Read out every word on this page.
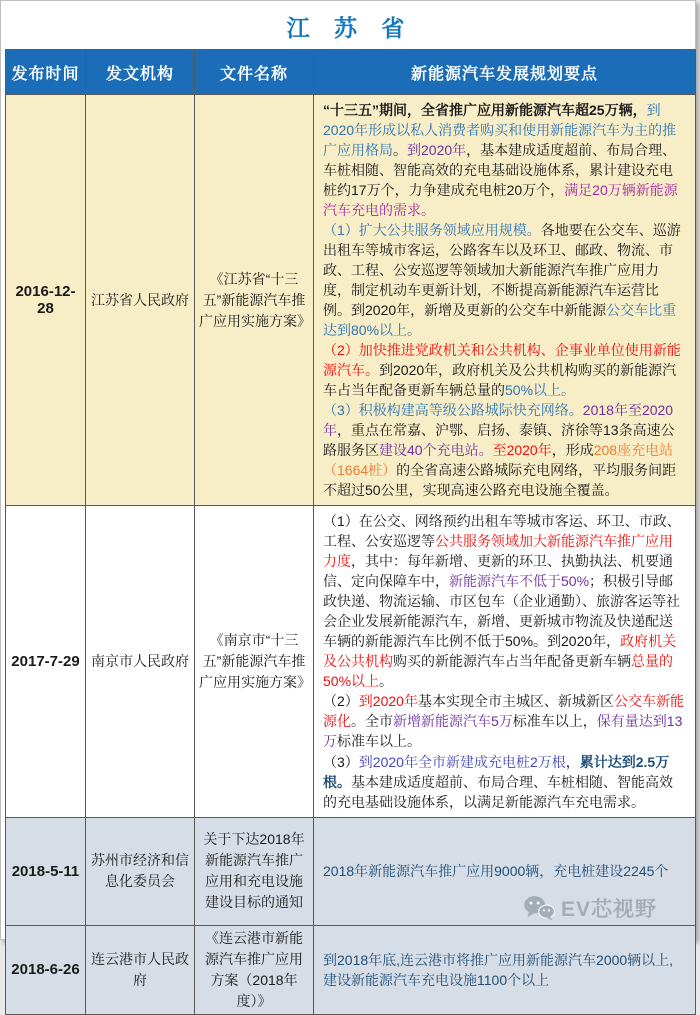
江 苏 省
发布时间	发文机构	文件名称	新能源汽车发展规划要点
2016-12-28	江苏省人民政府	《江苏省“十三五”新能源汽车推广应用实施方案》	“十三五”期间，全省推广应用新能源汽车超25万辆，到2020年形成以私人消费者购买和使用新能源汽车为主的推广应用格局。到2020年，基本建成适度超前、布局合理、车桩相随、智能高效的充电基础设施体系，累计建设充电桩约17万个，力争建成充电桩20万个，满足20万辆新能源汽车充电的需求。

（1）扩大公共服务领域应用规模。各地要在公交车、巡游出租车等城市客运，公路客车以及环卫、邮政、物流、市政、工程、公安巡逻等领域加大新能源汽车推广应用力度，制定机动车更新计划，不断提高新能源汽车运营比例。到2020年，新增及更新的公交车中新能源公交车比重达到80%以上。

（2）加快推进党政机关和公共机构、企事业单位使用新能源汽车。到2020年，政府机关及公共机构购买的新能源汽车占当年配备更新车辆总量的50%以上。

（3）积极构建高等级公路城际快充网络。2018年至2020年，重点在常嘉、沪鄂、启扬、泰镇、济徐等13条高速公路服务区建设40个充电站。至2020年，形成208座充电站（1664桩）的全省高速公路城际充电网络，平均服务间距不超过50公里，实现高速公路充电设施全覆盖。

2017-7-29	南京市人民政府	《南京市“十三五”新能源汽车推广应用实施方案》	（1）在公交、网络预约出租车等城市客运、环卫、市政、工程、公安巡逻等公共服务领域加大新能源汽车推广应用力度，其中：每年新增、更新的环卫、执勤执法、机要通信、定向保障车中，新能源汽车不低于50%；积极引导邮政快递、物流运输、市区包车（企业通勤）、旅游客运等社会企业发展新能源汽车，新增、更新城市物流及快递配送车辆的新能源汽车比例不低于50%。到2020年，政府机关及公共机构购买的新能源汽车占当年配备更新车辆总量的50%以上。

（2）到2020年基本实现全市主城区、新城新区公交车新能源化。全市新增新能源汽车5万标准车以上，保有量达到13万标准车以上。

（3）到2020年全市新建成充电桩2万根，累计达到2.5万根。基本建成适度超前、布局合理、车桩相随、智能高效的充电基础设施体系，以满足新能源汽车充电需求。

2018-5-11	苏州市经济和信息化委员会	关于下达2018年新能源汽车推广应用和充电设施建设目标的通知	2018年新能源汽车推广应用9000辆，充电桩建设2245个

2018-6-26	连云港市人民政府	《连云港市新能源汽车推广应用方案（2018年度）》	到2018年底,连云港市将推广应用新能源汽车2000辆以上,建设新能源汽车充电设施1100个以上

EV芯视野
